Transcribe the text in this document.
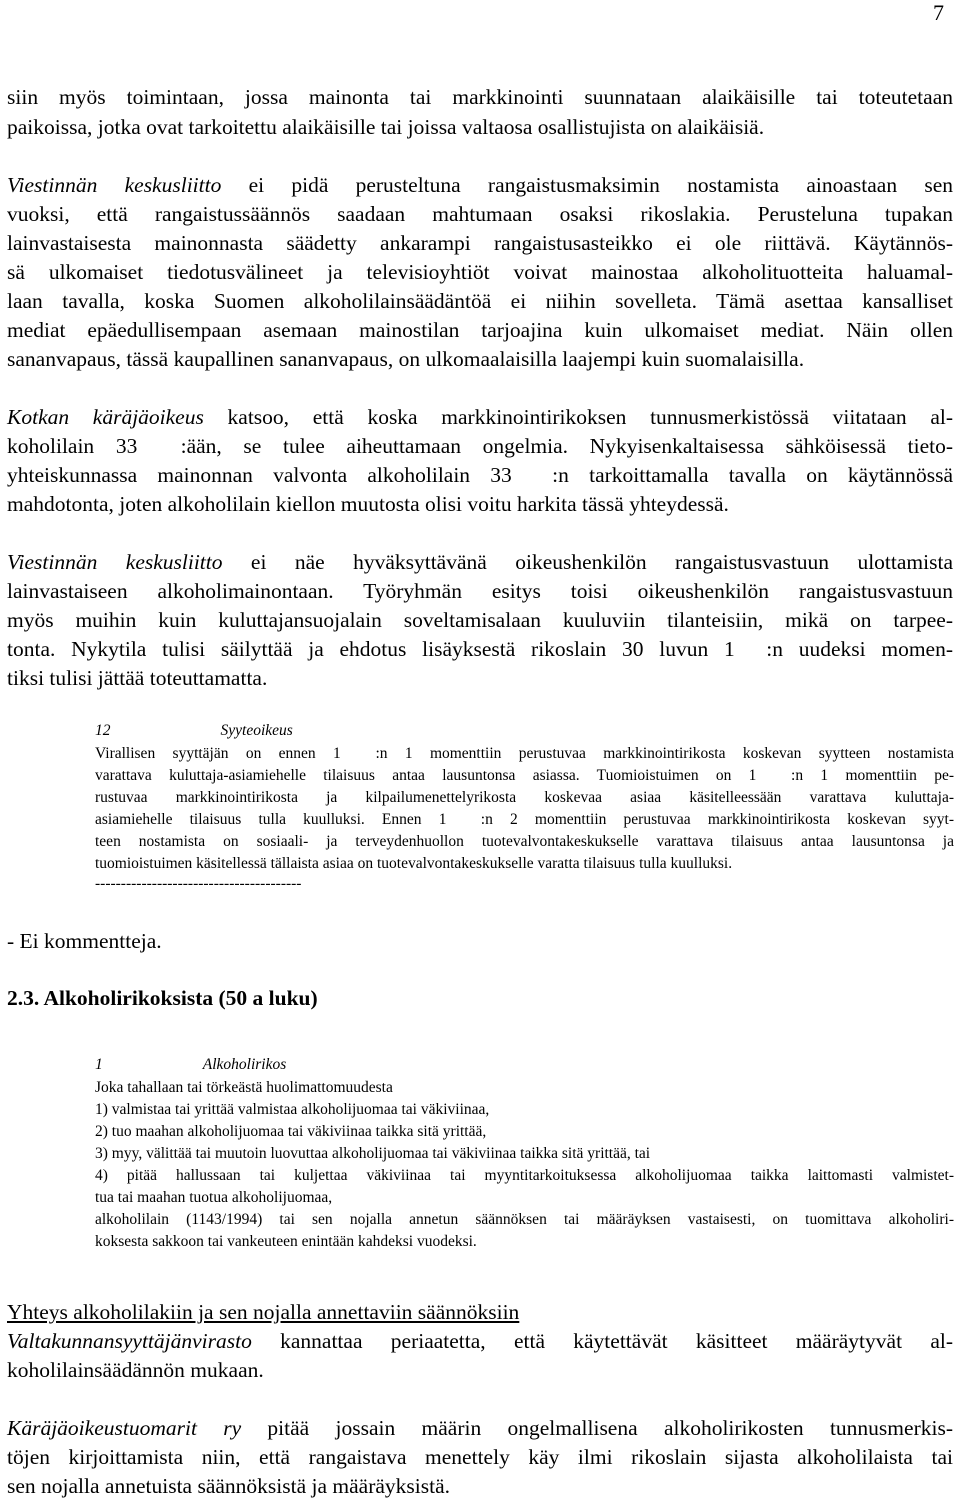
7
siin myös toimintaan, jossa mainonta tai markkinointi suunnataan alaikäisille tai toteutetaan
paikoissa, jotka ovat tarkoitettu alaikäisille tai joissa valtaosa osallistujista on alaikäisiä.
Viestinnän keskusliitto ei pidä perusteltuna rangaistusmaksimin nostamista ainoastaan sen
vuoksi, että rangaistussäännös saadaan mahtumaan osaksi rikoslakia. Perusteluna tupakan
lainvastaisesta mainonnasta säädetty ankarampi rangaistusasteikko ei ole riittävä. Käytännös-
sä ulkomaiset tiedotusvälineet ja televisioyhtiöt voivat mainostaa alkoholituotteita haluamal-
laan tavalla, koska Suomen alkoholilainsäädäntöä ei niihin sovelleta. Tämä asettaa kansalliset
mediat epäedullisempaan asemaan mainostilan tarjoajina kuin ulkomaiset mediat. Näin ollen
sananvapaus, tässä kaupallinen sananvapaus, on ulkomaalaisilla laajempi kuin suomalaisilla.
Kotkan käräjäoikeus katsoo, että koska markkinointirikoksen tunnusmerkistössä viitataan al-
koholilain 33  :ään, se tulee aiheuttamaan ongelmia. Nykyisenkaltaisessa sähköisessä tieto-
yhteiskunnassa mainonnan valvonta alkoholilain 33  :n tarkoittamalla tavalla on käytännössä
mahdotonta, joten alkoholilain kiellon muutosta olisi voitu harkita tässä yhteydessä.
Viestinnän keskusliitto ei näe hyväksyttävänä oikeushenkilön rangaistusvastuun ulottamista
lainvastaiseen alkoholimainontaan. Työryhmän esitys toisi oikeushenkilön rangaistusvastuun
myös muihin kuin kuluttajansuojalain soveltamisalaan kuuluviin tilanteisiin, mikä on tarpee-
tonta. Nykytila tulisi säilyttää ja ehdotus lisäyksestä rikoslain 30 luvun 1  :n uudeksi momen-
tiksi tulisi jättää toteuttamatta.
12	Syyteoikeus
Virallisen syyttäjän on ennen 1  :n 1 momenttiin perustuvaa markkinointirikosta koskevan syytteen nostamista
varattava kuluttaja-asiamiehelle tilaisuus antaa lausuntonsa asiassa. Tuomioistuimen on 1  :n 1 momenttiin pe-
rustuvaa markkinointirikosta ja kilpailumenettelyrikosta koskevaa asiaa käsitelleessään varattava kuluttaja-
asiamiehelle tilaisuus tulla kuulluksi. Ennen 1  :n 2 momenttiin perustuvaa markkinointirikosta koskevan syyt-
teen nostamista on sosiaali- ja terveydenhuollon tuotevalvontakeskukselle varattava tilaisuus antaa lausuntonsa ja
tuomioistuimen käsitellessä tällaista asiaa on tuotevalvontakeskukselle varatta tilaisuus tulla kuulluksi.
----------------------------------------
- Ei kommentteja.
2.3. Alkoholirikoksista (50 a luku)
1	Alkoholirikos
Joka tahallaan tai törkeästä huolimattomuudesta
1) valmistaa tai yrittää valmistaa alkoholijuomaa tai väkiviinaa,
2) tuo maahan alkoholijuomaa tai väkiviinaa taikka sitä yrittää,
3) myy, välittää tai muutoin luovuttaa alkoholijuomaa tai väkiviinaa taikka sitä yrittää, tai
4) pitää hallussaan tai kuljettaa väkiviinaa tai myyntitarkoituksessa alkoholijuomaa taikka laittomasti valmistet-
tua tai maahan tuotua alkoholijuomaa,
alkoholilain (1143/1994) tai sen nojalla annetun säännöksen tai määräyksen vastaisesti, on tuomittava alkoholiri-
koksesta sakkoon tai vankeuteen enintään kahdeksi vuodeksi.
Yhteys alkoholilakiin ja sen nojalla annettaviin säännöksiin
Valtakunnansyyttäjänvirasto kannattaa periaatetta, että käytettävät käsitteet määräytyvät al-
koholilainsäädännön mukaan.
Käräjäoikeustuomarit ry pitää jossain määrin ongelmallisena alkoholirikosten tunnusmerkis-
töjen kirjoittamista niin, että rangaistava menettely käy ilmi rikoslain sijasta alkoholilaista tai
sen nojalla annetuista säännöksistä ja määräyksistä.
